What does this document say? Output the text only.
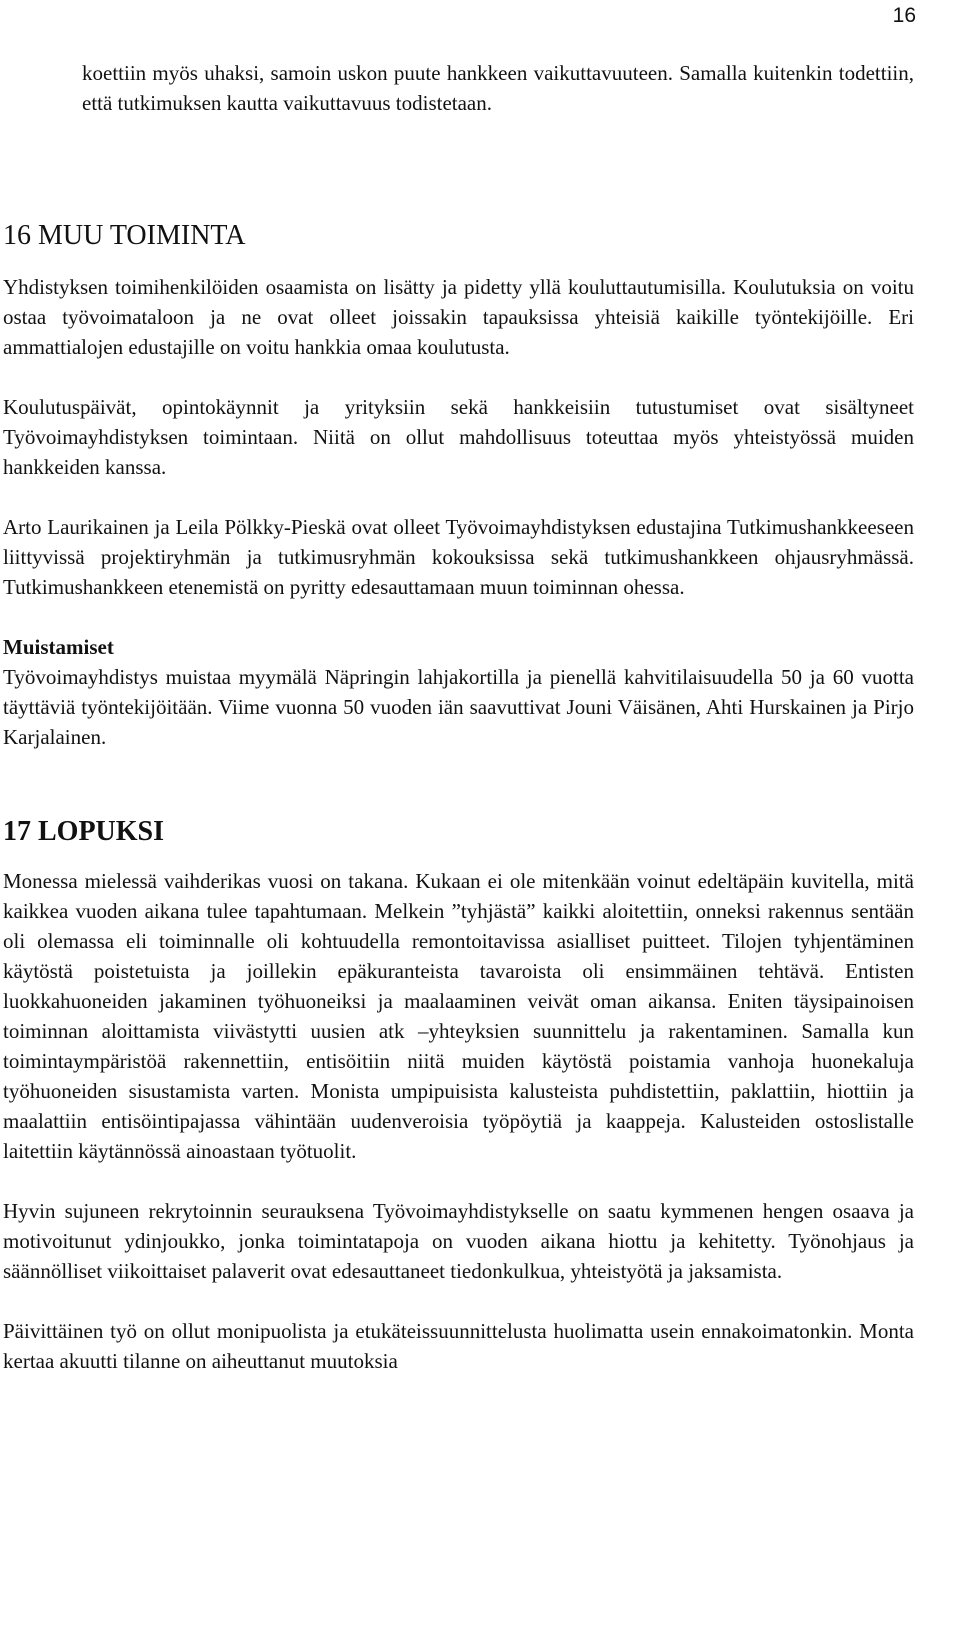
16

koettiin myös uhaksi, samoin uskon puute hankkeen vaikuttavuuteen. Samalla kuitenkin todettiin, että tutkimuksen kautta vaikuttavuus todistetaan.

16 MUU TOIMINTA

Yhdistyksen toimihenkilöiden osaamista on lisätty ja pidetty yllä kouluttautumisilla. Koulutuksia on voitu ostaa työvoimataloon ja ne ovat olleet joissakin tapauksissa yhteisiä kaikille työntekijöille. Eri ammattialojen edustajille on voitu hankkia omaa koulutusta.

Koulutuspäivät, opintokäynnit ja yrityksiin sekä hankkeisiin tutustumiset ovat sisältyneet Työvoimayhdistyksen toimintaan. Niitä on ollut mahdollisuus toteuttaa myös yhteistyössä muiden hankkeiden kanssa.

Arto Laurikainen ja Leila Pölkky-Pieskä ovat olleet Työvoimayhdistyksen edustajina Tutkimushankkeeseen liittyvissä projektiryhmän ja tutkimusryhmän kokouksissa sekä tutkimushankkeen ohjausryhmässä. Tutkimushankkeen etenemistä on pyritty edesauttamaan muun toiminnan ohessa.

Muistamiset

Työvoimayhdistys muistaa myymälä Näpringin lahjakortilla ja pienellä kahvitilaisuudella 50 ja 60 vuotta täyttäviä työntekijöitään. Viime vuonna 50 vuoden iän saavuttivat Jouni Väisänen, Ahti Hurskainen ja Pirjo Karjalainen.

17 LOPUKSI

Monessa mielessä vaihderikas vuosi on takana. Kukaan ei ole mitenkään voinut edeltäpäin kuvitella, mitä kaikkea vuoden aikana tulee tapahtumaan. Melkein ”tyhjästä” kaikki aloitettiin, onneksi rakennus sentään oli olemassa eli toiminnalle oli kohtuudella remontoitavissa asialliset puitteet. Tilojen tyhjentäminen käytöstä poistetuista ja joillekin epäkuranteista tavaroista oli ensimmäinen tehtävä. Entisten luokkahuoneiden jakaminen työhuoneiksi ja maalaaminen veivät oman aikansa. Eniten täysipainoisen toiminnan aloittamista viivästytti uusien atk –yhteyksien suunnittelu ja rakentaminen. Samalla kun toimintaympäristöä rakennettiin, entisöitiin niitä muiden käytöstä poistamia vanhoja huonekaluja työhuoneiden sisustamista varten. Monista umpipuisista kalusteista puhdistettiin, paklattiin, hiottiin ja maalattiin entisöintipajassa vähintään uudenveroisia työpöytiä ja kaappeja. Kalusteiden ostoslistalle laitettiin käytännössä ainoastaan työtuolit.

Hyvin sujuneen rekrytoinnin seurauksena Työvoimayhdistykselle on saatu kymmenen hengen osaava ja motivoitunut ydinjoukko, jonka toimintatapoja on vuoden aikana hiottu ja kehitetty. Työnohjaus ja säännölliset viikoittaiset palaverit ovat edesauttaneet tiedonkulkua, yhteistyötä ja jaksamista.

Päivittäinen työ on ollut monipuolista ja etukäteissuunnittelusta huolimatta usein ennakoimatonkin. Monta kertaa akuutti tilanne on aiheuttanut muutoksia
